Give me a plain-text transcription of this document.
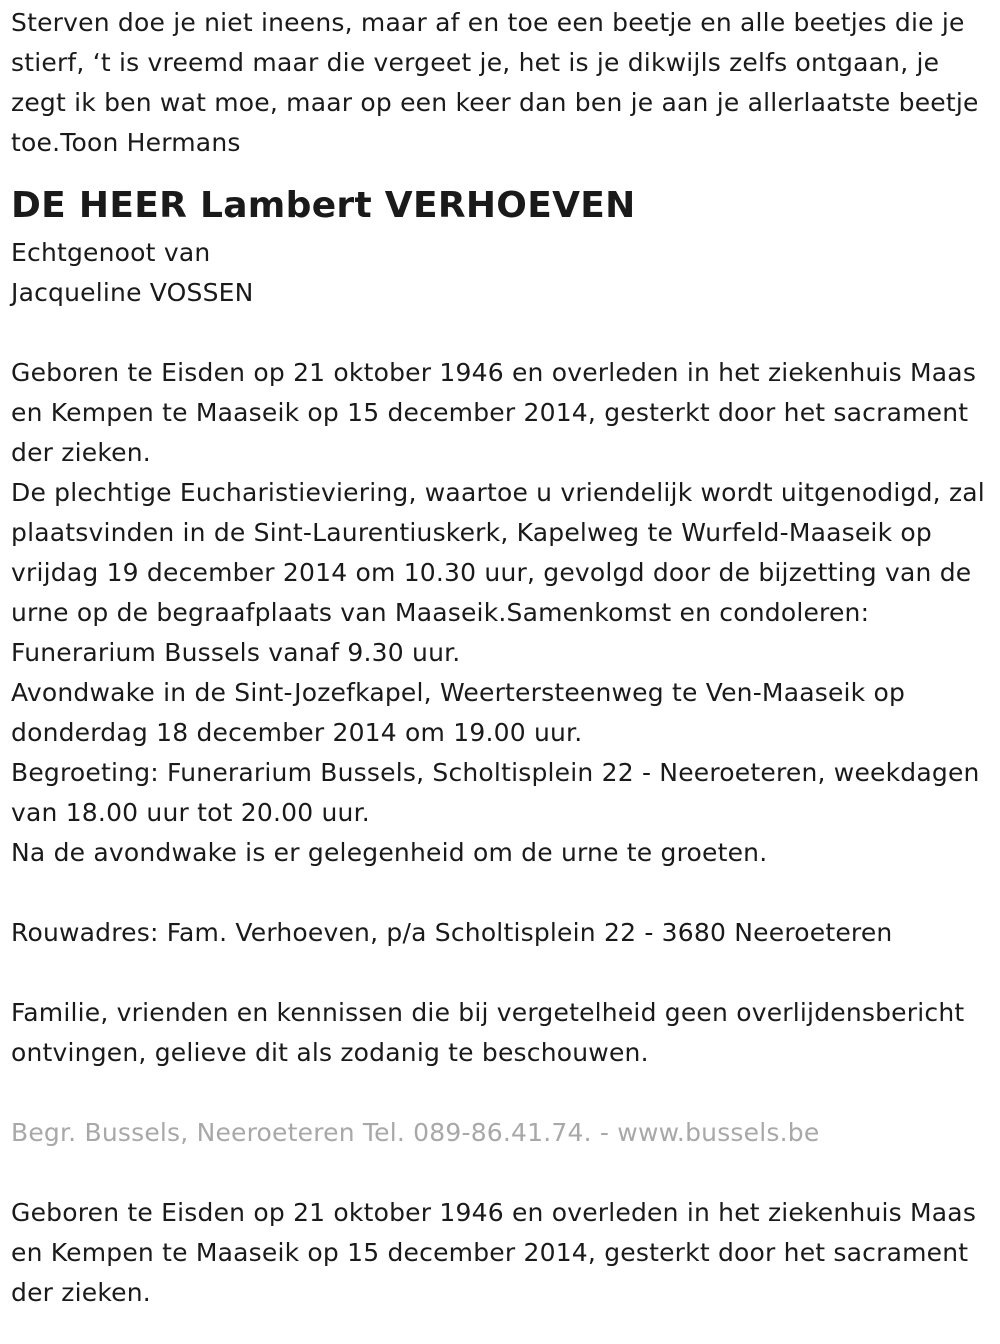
Sterven doe je niet ineens, maar af en toe een beetje en alle beetjes die je stierf, ‘t is vreemd maar die vergeet je, het is je dikwijls zelfs ontgaan, je zegt ik ben wat moe, maar op een keer dan ben je aan je allerlaatste beetje toe.Toon Hermans

DE HEER Lambert VERHOEVEN

Echtgenoot van

Jacqueline VOSSEN

Geboren te Eisden op 21 oktober 1946 en overleden in het ziekenhuis Maas en Kempen te Maaseik op 15 december 2014, gesterkt door het sacrament der zieken.

De plechtige Eucharistieviering, waartoe u vriendelijk wordt uitgenodigd, zal plaatsvinden in de Sint-Laurentiuskerk, Kapelweg te Wurfeld-Maaseik op vrijdag 19 december 2014 om 10.30 uur, gevolgd door de bijzetting van de urne op de begraafplaats van Maaseik.Samenkomst en condoleren: Funerarium Bussels vanaf 9.30 uur.

Avondwake in de Sint-Jozefkapel, Weertersteenweg te Ven-Maaseik op donderdag 18 december 2014 om 19.00 uur.

Begroeting: Funerarium Bussels, Scholtisplein 22 - Neeroeteren, weekdagen van 18.00 uur tot 20.00 uur.

Na de avondwake is er gelegenheid om de urne te groeten.

Rouwadres: Fam. Verhoeven, p/a Scholtisplein 22 - 3680 Neeroeteren

Familie, vrienden en kennissen die bij vergetelheid geen overlijdensbericht ontvingen, gelieve dit als zodanig te beschouwen.

Begr. Bussels, Neeroeteren Tel. 089-86.41.74. - www.bussels.be

Geboren te Eisden op 21 oktober 1946 en overleden in het ziekenhuis Maas en Kempen te Maaseik op 15 december 2014, gesterkt door het sacrament der zieken.
